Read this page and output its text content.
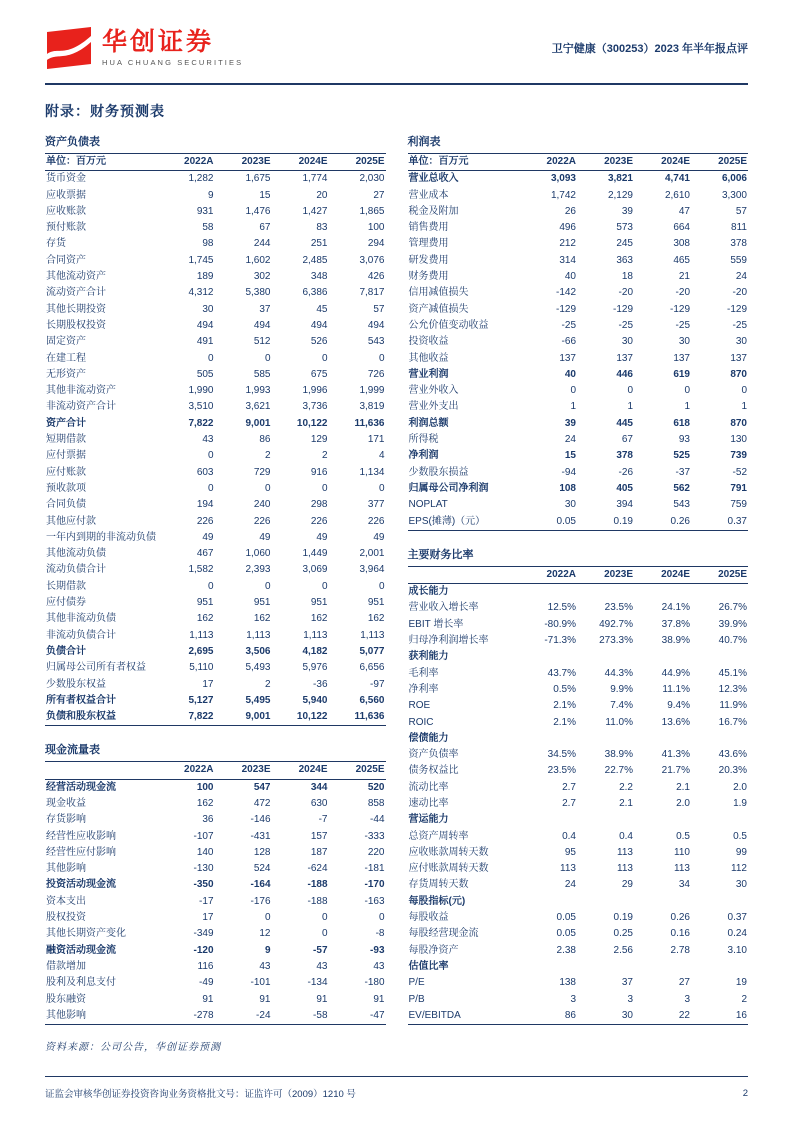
华创证券
HUA CHUANG SECURITIES
卫宁健康（300253）2023 年半年报点评
附录：财务预测表
资产负债表
单位：百万元	2022A	2023E	2024E	2025E
货币资金	1,282	1,675	1,774	2,030
应收票据	9	15	20	27
应收账款	931	1,476	1,427	1,865
预付账款	58	67	83	100
存货	98	244	251	294
合同资产	1,745	1,602	2,485	3,076
其他流动资产	189	302	348	426
流动资产合计	4,312	5,380	6,386	7,817
其他长期投资	30	37	45	57
长期股权投资	494	494	494	494
固定资产	491	512	526	543
在建工程	0	0	0	0
无形资产	505	585	675	726
其他非流动资产	1,990	1,993	1,996	1,999
非流动资产合计	3,510	3,621	3,736	3,819
资产合计	7,822	9,001	10,122	11,636
短期借款	43	86	129	171
应付票据	0	2	2	4
应付账款	603	729	916	1,134
预收款项	0	0	0	0
合同负债	194	240	298	377
其他应付款	226	226	226	226
一年内到期的非流动负债	49	49	49	49
其他流动负债	467	1,060	1,449	2,001
流动负债合计	1,582	2,393	3,069	3,964
长期借款	0	0	0	0
应付债券	951	951	951	951
其他非流动负债	162	162	162	162
非流动负债合计	1,113	1,113	1,113	1,113
负债合计	2,695	3,506	4,182	5,077
归属母公司所有者权益	5,110	5,493	5,976	6,656
少数股东权益	17	2	-36	-97
所有者权益合计	5,127	5,495	5,940	6,560
负债和股东权益	7,822	9,001	10,122	11,636
现金流量表
	2022A	2023E	2024E	2025E
经营活动现金流	100	547	344	520
现金收益	162	472	630	858
存货影响	36	-146	-7	-44
经营性应收影响	-107	-431	157	-333
经营性应付影响	140	128	187	220
其他影响	-130	524	-624	-181
投资活动现金流	-350	-164	-188	-170
资本支出	-17	-176	-188	-163
股权投资	17	0	0	0
其他长期资产变化	-349	12	0	-8
融资活动现金流	-120	9	-57	-93
借款增加	116	43	43	43
股利及利息支付	-49	-101	-134	-180
股东融资	91	91	91	91
其他影响	-278	-24	-58	-47
资料来源：公司公告，华创证券预测
利润表
单位：百万元	2022A	2023E	2024E	2025E
营业总收入	3,093	3,821	4,741	6,006
营业成本	1,742	2,129	2,610	3,300
税金及附加	26	39	47	57
销售费用	496	573	664	811
管理费用	212	245	308	378
研发费用	314	363	465	559
财务费用	40	18	21	24
信用减值损失	-142	-20	-20	-20
资产减值损失	-129	-129	-129	-129
公允价值变动收益	-25	-25	-25	-25
投资收益	-66	30	30	30
其他收益	137	137	137	137
营业利润	40	446	619	870
营业外收入	0	0	0	0
营业外支出	1	1	1	1
利润总额	39	445	618	870
所得税	24	67	93	130
净利润	15	378	525	739
少数股东损益	-94	-26	-37	-52
归属母公司净利润	108	405	562	791
NOPLAT	30	394	543	759
EPS(摊薄)（元）	0.05	0.19	0.26	0.37
主要财务比率
	2022A	2023E	2024E	2025E
成长能力				
营业收入增长率	12.5%	23.5%	24.1%	26.7%
EBIT 增长率	-80.9%	492.7%	37.8%	39.9%
归母净利润增长率	-71.3%	273.3%	38.9%	40.7%
获利能力				
毛利率	43.7%	44.3%	44.9%	45.1%
净利率	0.5%	9.9%	11.1%	12.3%
ROE	2.1%	7.4%	9.4%	11.9%
ROIC	2.1%	11.0%	13.6%	16.7%
偿债能力				
资产负债率	34.5%	38.9%	41.3%	43.6%
债务权益比	23.5%	22.7%	21.7%	20.3%
流动比率	2.7	2.2	2.1	2.0
速动比率	2.7	2.1	2.0	1.9
营运能力				
总资产周转率	0.4	0.4	0.5	0.5
应收账款周转天数	95	113	110	99
应付账款周转天数	113	113	113	112
存货周转天数	24	29	34	30
每股指标(元)				
每股收益	0.05	0.19	0.26	0.37
每股经营现金流	0.05	0.25	0.16	0.24
每股净资产	2.38	2.56	2.78	3.10
估值比率				
P/E	138	37	27	19
P/B	3	3	3	2
EV/EBITDA	86	30	22	16
证监会审核华创证券投资咨询业务资格批文号：证监许可（2009）1210 号	2
